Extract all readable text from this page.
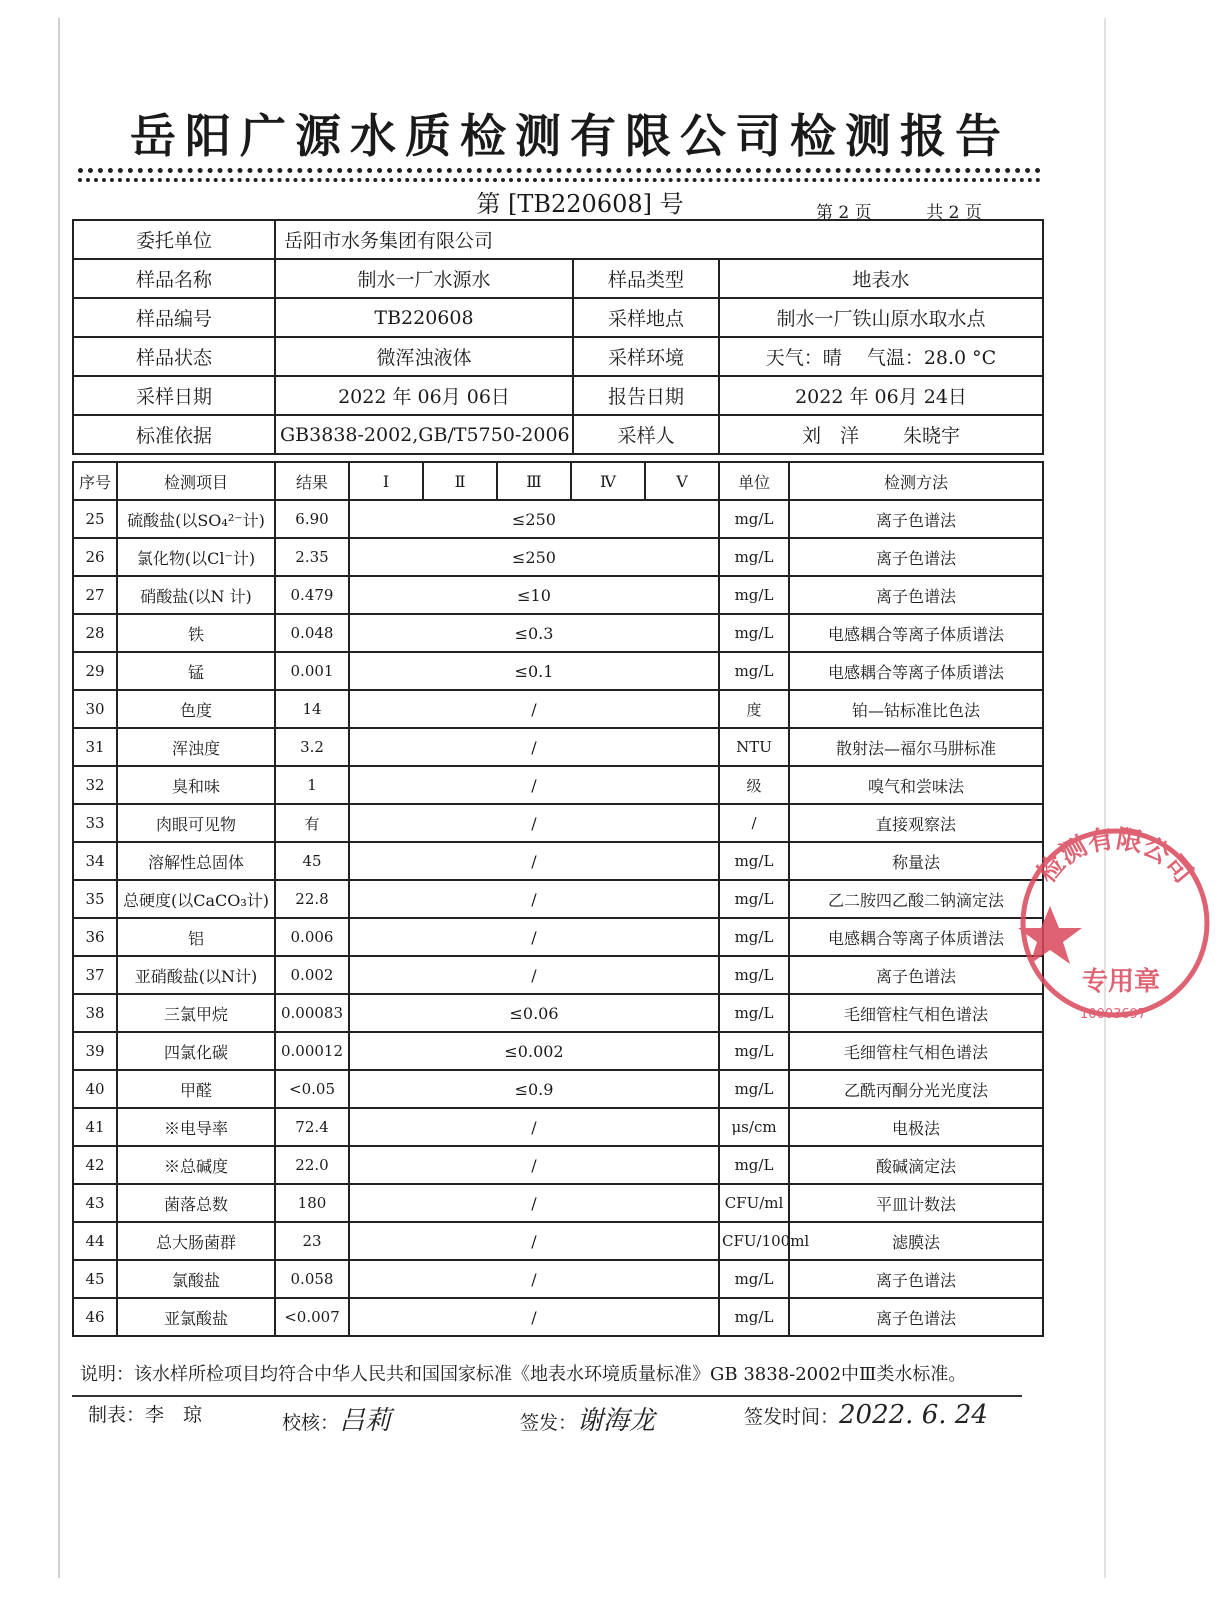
岳阳广源水质检测有限公司检测报告
第 [TB220608] 号	第 2 页	共 2 页
委托单位	岳阳市水务集团有限公司		
样品名称	制水一厂水源水	样品类型	地表水
样品编号	TB220608	采样地点	制水一厂铁山原水取水点
样品状态	微浑浊液体	采样环境	天气：晴　 气温：28.0 °C
采样日期	2022 年 06月 06日	报告日期	2022 年 06月 24日
标准依据	GB3838-2002,GB/T5750-2006	采样人	刘　洋　　 朱晓宇
序号	检测项目	结果	Ⅰ	Ⅱ	Ⅲ	Ⅳ	Ⅴ	单位	检测方法
25	硫酸盐(以SO₄²⁻计)	6.90	≤250					mg/L	离子色谱法
26	氯化物(以Cl⁻计)	2.35	≤250					mg/L	离子色谱法
27	硝酸盐(以N 计)	0.479	≤10					mg/L	离子色谱法
28	铁	0.048	≤0.3					mg/L	电感耦合等离子体质谱法
29	锰	0.001	≤0.1					mg/L	电感耦合等离子体质谱法
30	色度	14	/					度	铂—钴标准比色法
31	浑浊度	3.2	/					NTU	散射法—福尔马肼标准
32	臭和味	1	/					级	嗅气和尝味法
33	肉眼可见物	有	/					/	直接观察法
34	溶解性总固体	45	/					mg/L	称量法
35	总硬度(以CaCO₃计)	22.8	/					mg/L	乙二胺四乙酸二钠滴定法
36	铝	0.006	/					mg/L	电感耦合等离子体质谱法
37	亚硝酸盐(以N计)	0.002	/					mg/L	离子色谱法
38	三氯甲烷	0.00083	≤0.06					mg/L	毛细管柱气相色谱法
39	四氯化碳	0.00012	≤0.002					mg/L	毛细管柱气相色谱法
40	甲醛	<0.05	≤0.9					mg/L	乙酰丙酮分光光度法
41	※电导率	72.4	/					μs/cm	电极法
42	※总碱度	22.0	/					mg/L	酸碱滴定法
43	菌落总数	180	/					CFU/ml	平皿计数法
44	总大肠菌群	23	/					CFU/100ml	滤膜法
45	氯酸盐	0.058	/					mg/L	离子色谱法
46	亚氯酸盐	<0.007	/					mg/L	离子色谱法
说明：该水样所检项目均符合中华人民共和国国家标准《地表水环境质量标准》GB 3838-2002中Ⅲ类水标准。
制表：李　琼	校核：吕莉	签发：谢海龙	签发时间：2022. 6. 24
检测有限公司
专用章
10003697
